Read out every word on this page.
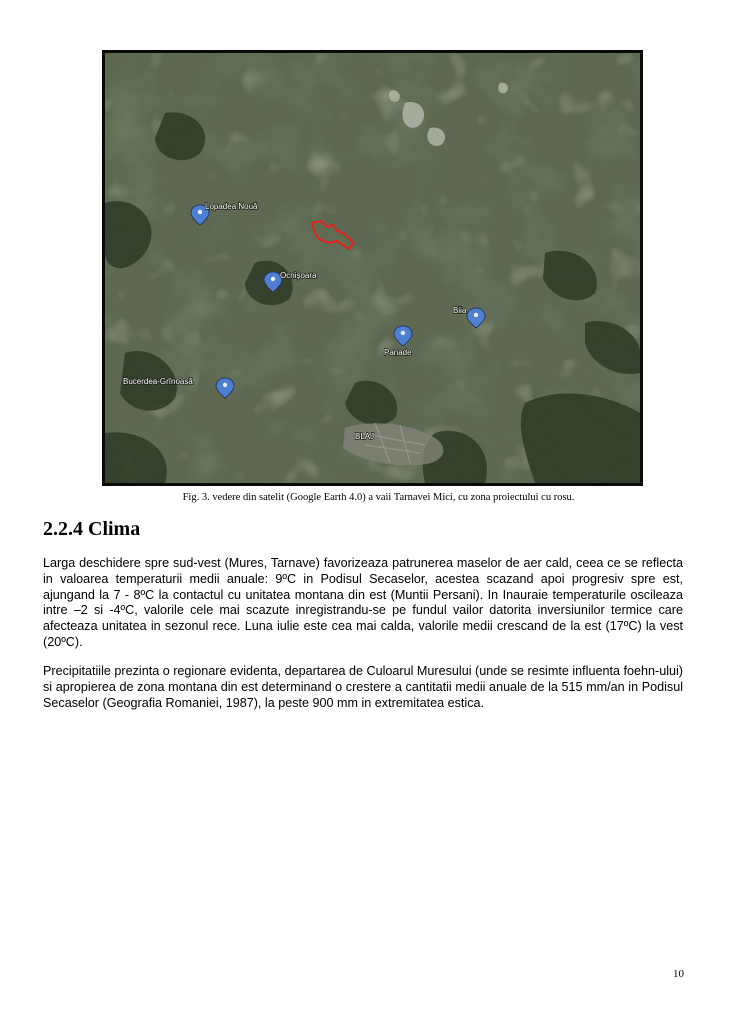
Lopadea Nouă
Ocnișoara
Biia
Panade
Bucerdea-Grînoasă
BLAJ
Fig. 3. vedere din satelit (Google Earth 4.0) a vaii Tarnavei Mici, cu zona proiectului cu rosu.
2.2.4 Clima

Larga deschidere spre sud-vest (Mures, Tarnave) favorizeaza patrunerea maselor de aer cald, ceea ce se reflecta in valoarea temperaturii medii anuale: 9ºC in Podisul Secaselor, acestea scazand apoi progresiv spre est, ajungand la 7 - 8ºC la contactul cu unitatea montana din est (Muntii Persani). In Inauraie temperaturile oscileaza intre –2 si -4ºC, valorile cele mai scazute inregistrandu-se pe fundul vailor datorita inversiunilor termice care afecteaza unitatea in sezonul rece. Luna iulie este cea mai calda, valorile medii crescand de la est (17ºC) la vest (20ºC).

Precipitatiile prezinta o regionare evidenta, departarea de Culoarul Muresului (unde se resimte influenta foehn-ului) si apropierea de zona montana din est determinand o crestere a cantitatii medii anuale de la 515 mm/an in Podisul Secaselor (Geografia Romaniei, 1987), la peste 900 mm in extremitatea estica.

10
